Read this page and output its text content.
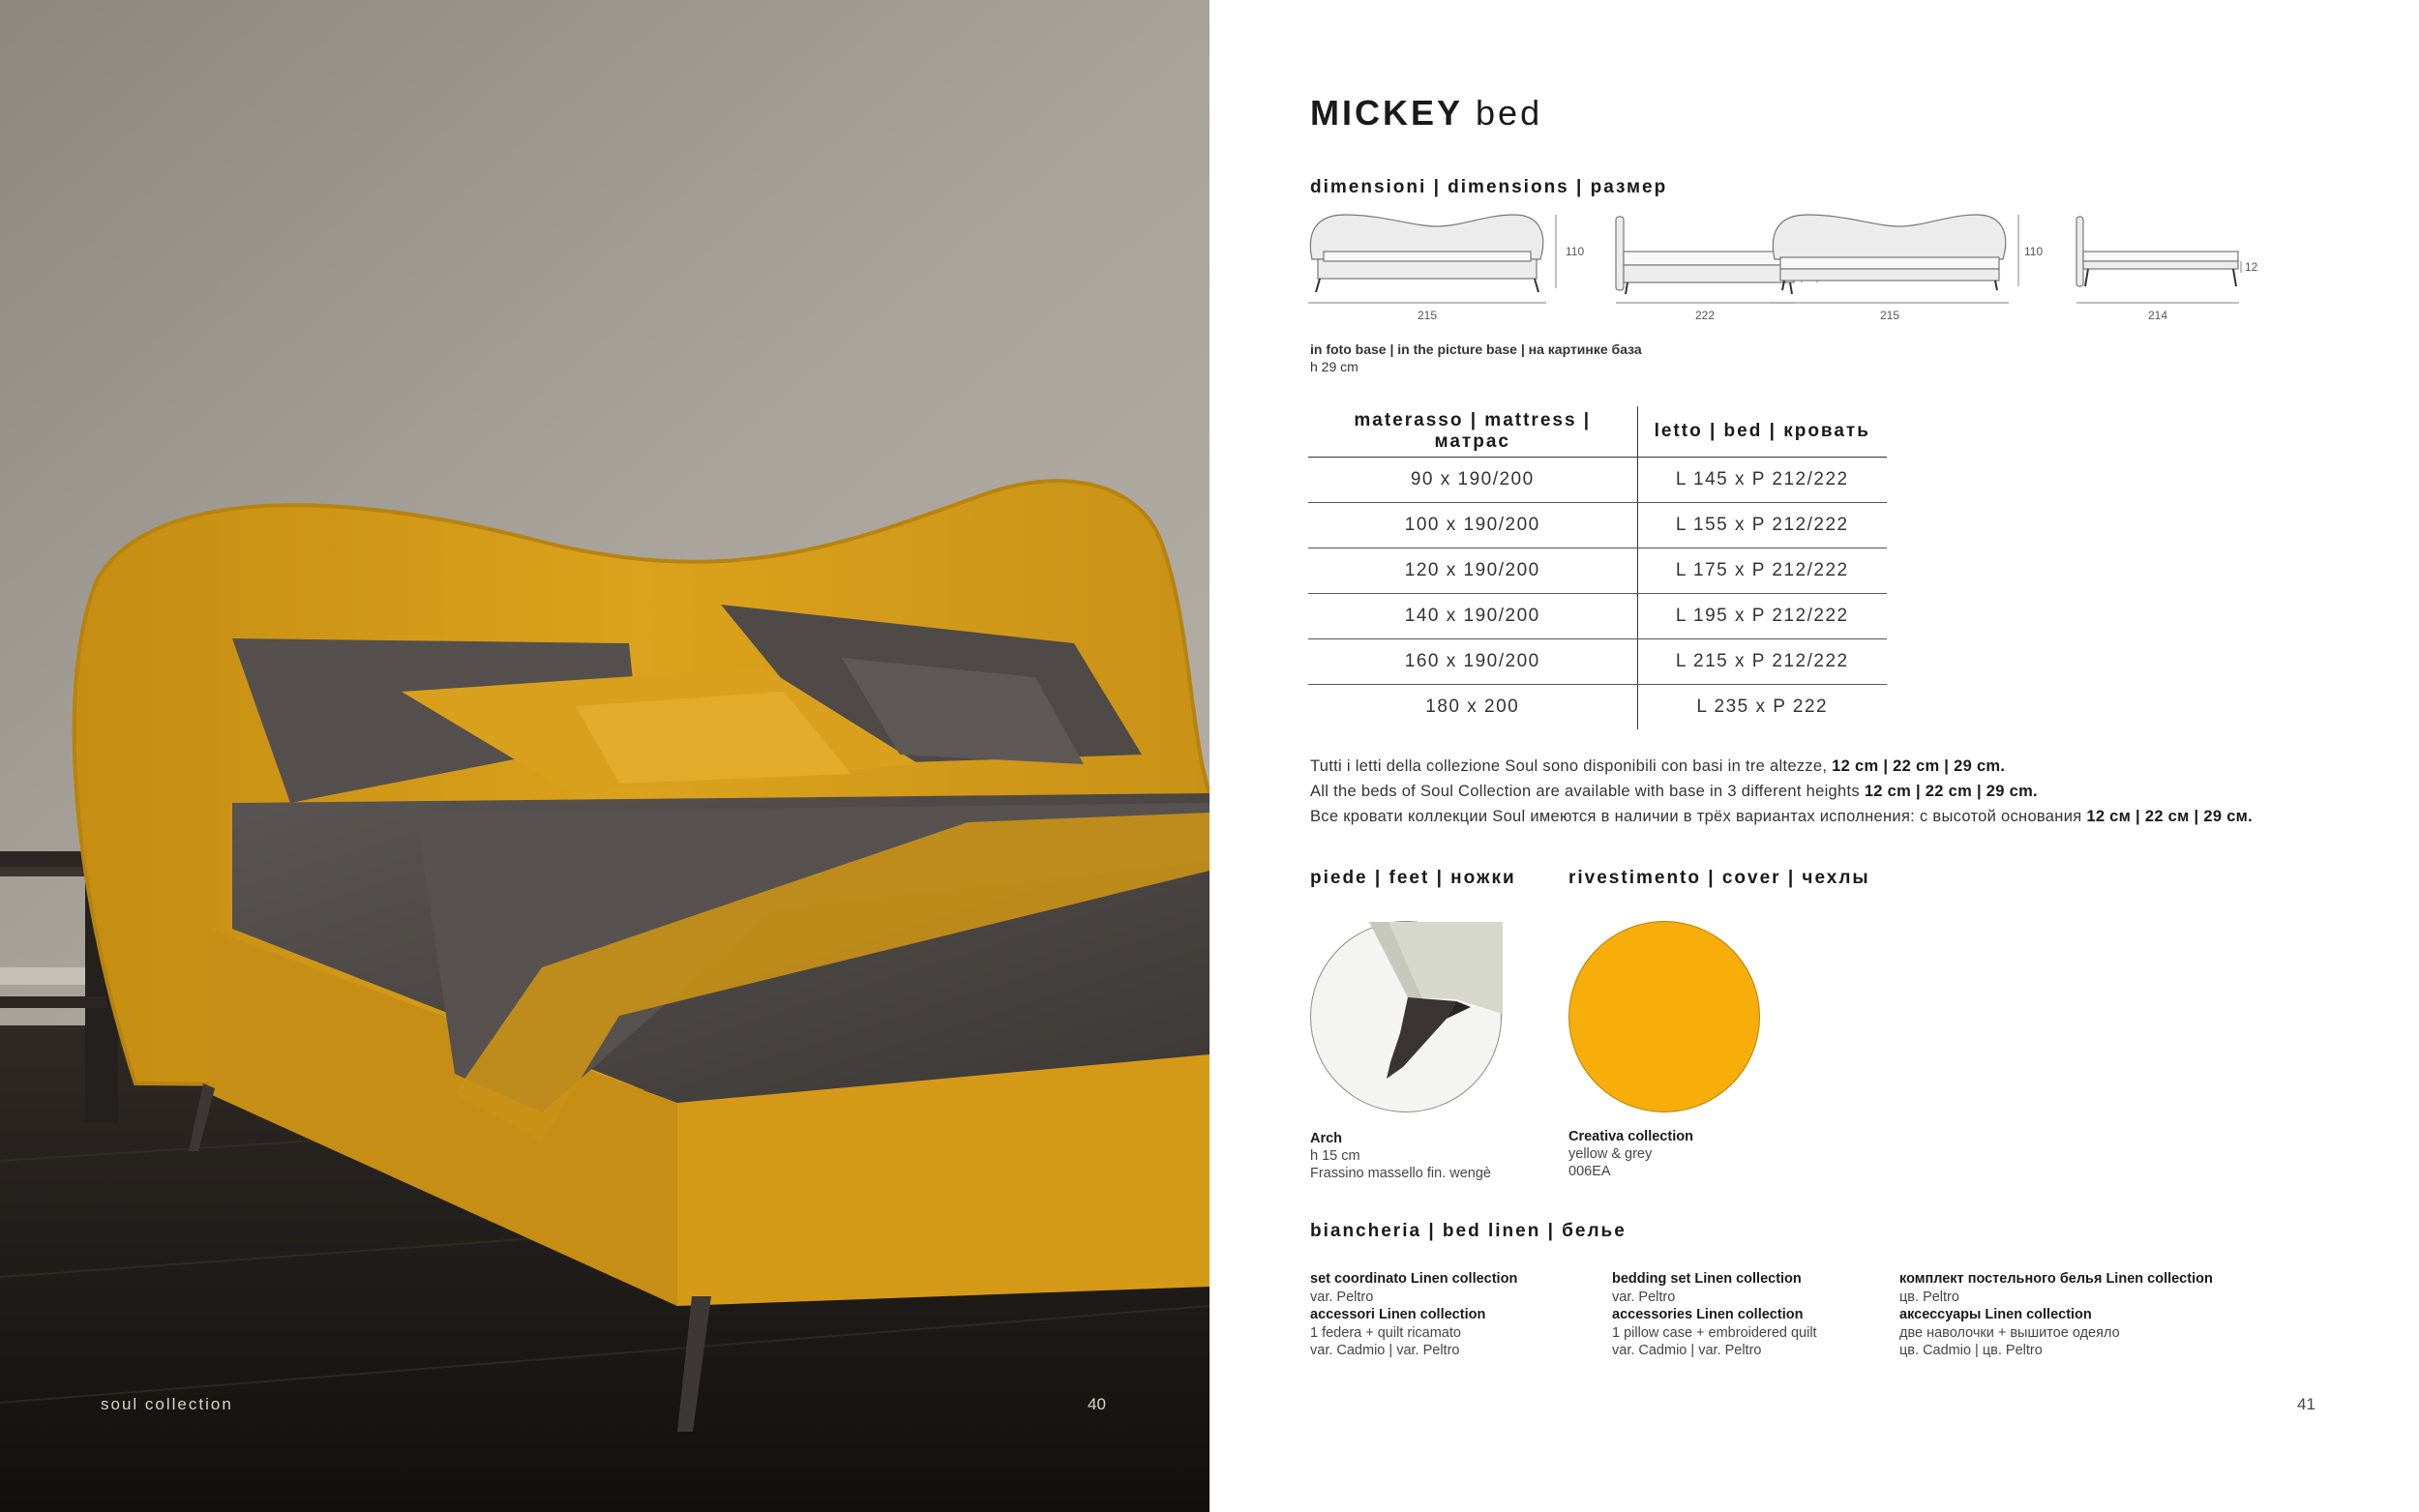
soul collection	40
MICKEY bed
dimensioni | dimensions | размер
215
110
222	215
110
214
12
in foto base | in the picture base | на картинке база
h 29 cm
materasso | mattress | матрас	letto | bed | кровать
90 x 190/200	L 145 x P 212/222
100 x 190/200	L 155 x P 212/222
120 x 190/200	L 175 x P 212/222
140 x 190/200	L 195 x P 212/222
160 x 190/200	L 215 x P 212/222
180 x 200	L 235 x P 222
Tutti i letti della collezione Soul sono disponibili con basi in tre altezze, 12 cm | 22 cm | 29 cm.
All the beds of Soul Collection are available with base in 3 different heights 12 cm | 22 cm | 29 cm.
Все кровати коллекции Soul имеются в наличии в трёх вариантах исполнения: с высотой основания 12 см | 22 см | 29 см.
piede | feet | ножки	rivestimento | cover | чехлы
Arch
h 15 cm
Frassino massello fin. wengè
Creativa collection
yellow & grey
006EA
biancheria | bed linen | белье
set coordinato Linen collection
var. Peltro
accessori Linen collection
1 federa + quilt ricamato
var. Cadmio | var. Peltro
bedding set Linen collection
var. Peltro
accessories Linen collection
1 pillow case + embroidered quilt
var. Cadmio | var. Peltro
комплект постельного белья Linen collection
цв. Peltro
аксессуары Linen collection
две наволочки + вышитое одеяло
цв. Cadmio | цв. Peltro
41
